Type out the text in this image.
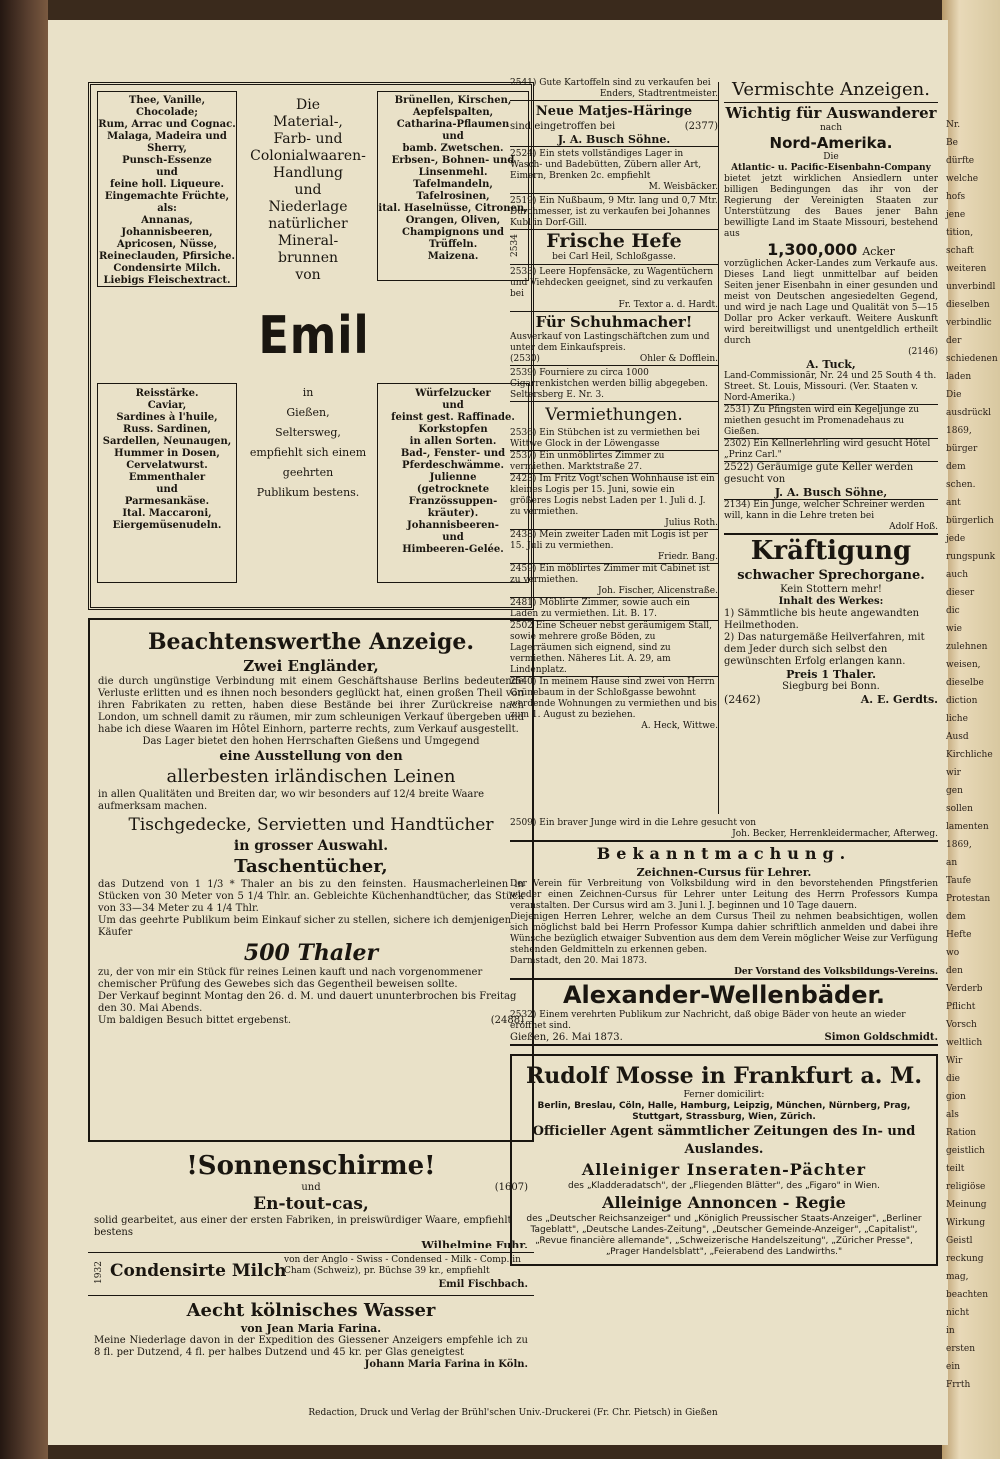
Thee, Vanille, Chocolade;
Rum, Arrac und Cognac.
Malaga, Madeira und Sherry,
Punsch-Essenze
und
feine holl. Liqueure.
Eingemachte Früchte,
als:
Annanas, Johannisbeeren,
Apricosen, Nüsse,
Reineclauden, Pfirsiche.
Condensirte Milch.
Liebigs Fleischextract.
Die
Material-,
Farb- und
Colonialwaaren-
Handlung
und
Niederlage
natürlicher
Mineral-
brunnen
von
Brünellen, Kirschen,
Aepfelspalten,
Catharina-Pflaumen
und
bamb. Zwetschen.
Erbsen-, Bohnen- und
Linsenmehl.
Tafelmandeln,
Tafelrosinen,
ital. Haselnüsse, Citronen,
Orangen, Oliven,
Champignons und
Trüffeln.
Maizena.
Emil
Reisstärke.
Caviar,
Sardines à l'huile,
Russ. Sardinen,
Sardellen, Neunaugen,
Hummer in Dosen,
Cervelatwurst.
Emmenthaler
und
Parmesankäse.
Ital. Maccaroni,
Eiergemüsenudeln.
in
Gießen,
Seltersweg,
empfiehlt sich einem
geehrten
Publikum bestens.
Würfelzucker
und
feinst gest. Raffinade.
Korkstopfen
in allen Sorten.
Bad-, Fenster- und
Pferdeschwämme.
Julienne
(getrocknete Französsuppen-
kräuter).
Johannisbeeren-
und
Himbeeren-Gelée.
Beachtenswerthe Anzeige.
Zwei Engländer,

die durch ungünstige Verbindung mit einem Geschäftshause Berlins bedeutende Verluste erlitten und es ihnen noch besonders geglückt hat, einen großen Theil von ihren Fabrikaten zu retten, haben diese Bestände bei ihrer Zurückreise nach London, um schnell damit zu räumen, mir zum schleunigen Verkauf übergeben und habe ich diese Waaren im Hôtel Einhorn, parterre rechts, zum Verkauf ausgestellt.

Das Lager bietet den hohen Herrschaften Gießens und Umgegend

eine Ausstellung von den
allerbesten irländischen Leinen

in allen Qualitäten und Breiten dar, wo wir besonders auf 12/4 breite Waare aufmerksam machen.

Tischgedecke, Servietten und Handtücher
in grosser Auswahl.
Taschentücher,

das Dutzend von 1 1/3 * Thaler an bis zu den feinsten. Hausmacherleinen in Stücken von 30 Meter von 5 1/4 Thlr. an. Gebleichte Küchenhandtücher, das Stück von 33—34 Meter zu 4 1/4 Thlr.

Um das geehrte Publikum beim Einkauf sicher zu stellen, sichere ich demjenigen Käufer

500 Thaler

zu, der von mir ein Stück für reines Leinen kauft und nach vorgenommener chemischer Prüfung des Gewebes sich das Gegentheil beweisen sollte.

Der Verkauf beginnt Montag den 26. d. M. und dauert ununterbrochen bis Freitag den 30. Mai Abends.

Um baldigen Besuch bittet ergebenst.	(2488)
!Sonnenschirme!
und	(1607)
En-tout-cas,

solid gearbeitet, aus einer der ersten Fabriken, in preiswürdiger Waare, empfiehlt bestens

Wilhelmine Fuhr.
1932 Condensirte Milch
von der Anglo - Swiss - Condensed - Milk - Comp. in Cham (Schweiz), pr. Büchse 39 kr., empfiehlt
Emil Fischbach.
Aecht kölnisches Wasser
von Jean Maria Farina.

Meine Niederlage davon in der Expedition des Giessener Anzeigers empfehle ich zu 8 fl. per Dutzend, 4 fl. per halbes Dutzend und 45 kr. per Glas geneigtest

Johann Maria Farina in Köln.

2541) Gute Kartoffeln sind zu verkaufen bei

Enders, Stadtrentmeister.
Neue Matjes-Häringe
sind eingetroffen bei	(2377)
J. A. Busch Söhne.

2524) Ein stets vollständiges Lager in Wasch- und Badebütten, Zübern aller Art, Eimern, Brenken 2c. empfiehlt

M. Weisbäcker.

2519) Ein Nußbaum, 9 Mtr. lang und 0,7 Mtr. Durchmesser, ist zu verkaufen bei Johannes Kubl in Dorf-Gill.

2534	Frische Hefe
bei Carl Heil, Schloßgasse.

2533) Leere Hopfensäcke, zu Wagentüchern und Viehdecken geeignet, sind zu verkaufen bei

Fr. Textor a. d. Hardt.
Für Schuhmacher!

Ausverkauf von Lastingschäftchen zum und unter dem Einkaufspreis.

(2530)	Ohler & Dofflein.

2539) Fourniere zu circa 1000 Cigarrenkistchen werden billig abgegeben. Seltersberg E. Nr. 3.

Vermiethungen.

2536) Ein Stübchen ist zu vermiethen bei Wittwe Glock in der Löwengasse

2537) Ein unmöblirtes Zimmer zu vermiethen. Marktstraße 27.

2423) Im Fritz Vogt'schen Wohnhause ist ein kleines Logis per 15. Juni, sowie ein größeres Logis nebst Laden per 1. Juli d. J. zu vermiethen.

Julius Roth.

2438) Mein zweiter Laden mit Logis ist per 15. Juli zu vermiethen.

Friedr. Bang.

2459) Ein möblirtes Zimmer mit Cabinet ist zu vermiethen.

Joh. Fischer, Alicenstraße.

2481) Möblirte Zimmer, sowie auch ein Laden zu vermiethen. Lit. B. 17.

2502 Eine Scheuer nebst geräumigem Stall, sowie mehrere große Böden, zu Lagerräumen sich eignend, sind zu vermiethen. Näheres Lit. A. 29, am Lindenplatz.

2540) In meinem Hause sind zwei von Herrn Grünebaum in der Schloßgasse bewohnt werdende Wohnungen zu vermiethen und bis zum 1. August zu beziehen.

A. Heck, Wittwe.
Vermischte Anzeigen.
Wichtig für Auswanderer
nach
Nord-Amerika.
Die
Atlantic- u. Pacific-Eisenbahn-Company

bietet jetzt wirklichen Ansiedlern unter billigen Bedingungen das ihr von der Regierung der Vereinigten Staaten zur Unterstützung des Baues jener Bahn bewilligte Land im Staate Missouri, bestehend aus

1,300,000 Acker

vorzüglichen Acker-Landes zum Verkaufe aus. Dieses Land liegt unmittelbar auf beiden Seiten jener Eisenbahn in einer gesunden und meist von Deutschen angesiedelten Gegend, und wird je nach Lage und Qualität von 5—15 Dollar pro Acker verkauft. Weitere Auskunft wird bereitwilligst und unentgeldlich ertheilt durch

(2146)
A. Tuck,

Land-Commissionär, Nr. 24 und 25 South 4 th. Street. St. Louis, Missouri. (Ver. Staaten v. Nord-Amerika.)

2531) Zu Pfingsten wird ein Kegeljunge zu miethen gesucht im Promenadehaus zu Gießen.

2302) Ein Kellnerlehrling wird gesucht Hôtel „Prinz Carl."

2522) Geräumige gute Keller werden gesucht von

J. A. Busch Söhne,

2134) Ein Junge, welcher Schreiner werden will, kann in die Lehre treten bei

Adolf Hoß.
Kräftigung
schwacher Sprechorgane.
Kein Stottern mehr!
Inhalt des Werkes:

1) Sämmtliche bis heute angewandten Heilmethoden.

2) Das naturgemäße Heilverfahren, mit dem Jeder durch sich selbst den gewünschten Erfolg erlangen kann.

Preis 1 Thaler.
Siegburg bei Bonn.
(2462)	A. E. Gerdts.

2509) Ein braver Junge wird in die Lehre gesucht von

Joh. Becker, Herrenkleidermacher, Afterweg.
Bekanntmachung.
Zeichnen-Cursus für Lehrer.

Der Verein für Verbreitung von Volksbildung wird in den bevorstehenden Pfingstferien wieder einen Zeichnen-Cursus für Lehrer unter Leitung des Herrn Professors Kumpa veranstalten. Der Cursus wird am 3. Juni l. J. beginnen und 10 Tage dauern.

Diejenigen Herren Lehrer, welche an dem Cursus Theil zu nehmen beabsichtigen, wollen sich möglichst bald bei Herrn Professor Kumpa dahier schriftlich anmelden und dabei ihre Wünsche bezüglich etwaiger Subvention aus dem dem Verein möglicher Weise zur Verfügung stehenden Geldmitteln zu erkennen geben.

Darmstadt, den 20. Mai 1873.
Der Vorstand des Volksbildungs-Vereins.
Alexander-Wellenbäder.

2532) Einem verehrten Publikum zur Nachricht, daß obige Bäder von heute an wieder eröffnet sind.

Gießen, 26. Mai 1873.	Simon Goldschmidt.
Rudolf Mosse in Frankfurt a. M.
Ferner domicilirt:
Berlin, Breslau, Cöln, Halle, Hamburg, Leipzig, München, Nürnberg, Prag, Stuttgart, Strassburg, Wien, Zürich.
Officieller Agent sämmtlicher Zeitungen des In- und Auslandes.
Alleiniger Inseraten-Pächter
des „Kladderadatsch", der „Fliegenden Blätter", des „Figaro" in Wien.
Alleinige Annoncen - Regie
des „Deutscher Reichsanzeiger" und „Königlich Preussischer Staats-Anzeiger", „Berliner Tageblatt", „Deutsche Landes-Zeitung", „Deutscher Gemeinde-Anzeiger", „Capitalist", „Revue financière allemande", „Schweizerische Handelszeitung", „Züricher Presse", „Prager Handelsblatt", „Feierabend des Landwirths."
Redaction, Druck und Verlag der Brühl'schen Univ.-Druckerei (Fr. Chr. Pietsch) in Gießen
Nr.
Be
dürfte
welche
hofs
jene
tition,
schaft
weiteren
unverbindl
dieselben
verbindlic
der
schiedenen
laden
Die
ausdrückl
1869,
bürger
dem
schen.
ant
bürgerlich
jede
rungspunk
auch
dieser
dic
wie
zulehnen
weisen,
dieselbe
diction
liche
Ausd
Kirchliche
wir
gen
sollen
lamenten
1869,
an
Taufe
Protestan
dem
Hefte
wo
den
Verderb
Pflicht
Vorsch
weltlich
Wir
die
gion
als
Ration
geistlich
teilt
religiöse
Meinung
Wirkung
Geistl
reckung
mag,
beachten
nicht
in
ersten
ein
Frrth
